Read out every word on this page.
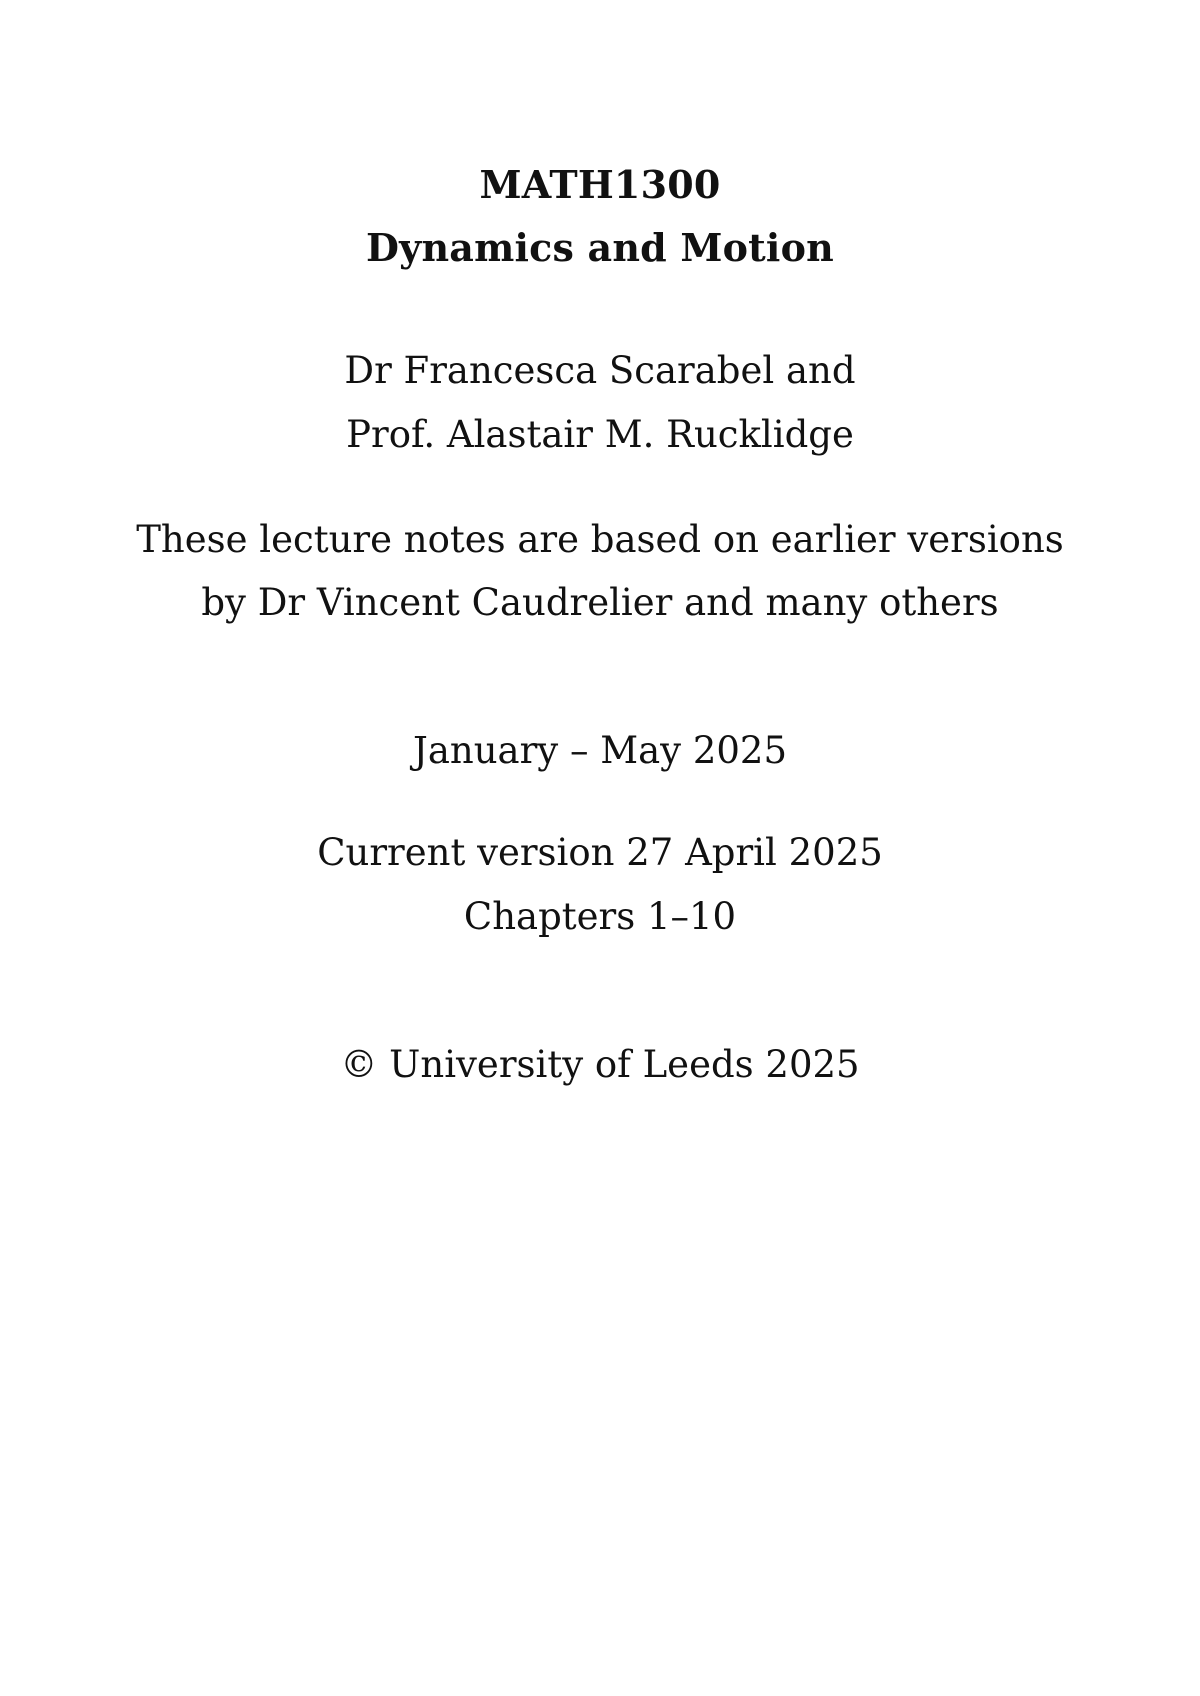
MATH1300
Dynamics and Motion
Dr Francesca Scarabel and
Prof. Alastair M. Rucklidge
These lecture notes are based on earlier versions
by Dr Vincent Caudrelier and many others
January – May 2025
Current version 27 April 2025
Chapters 1–10
© University of Leeds 2025
